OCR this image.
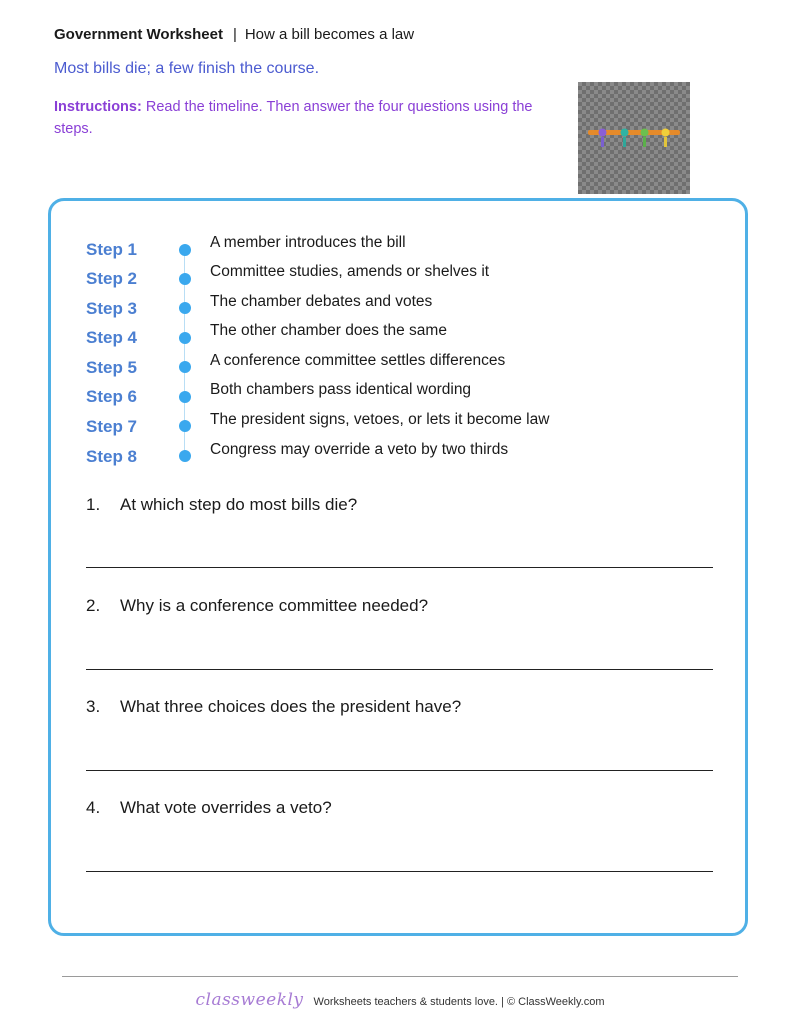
Government Worksheet | How a bill becomes a law
Most bills die; a few finish the course.
Instructions: Read the timeline. Then answer the four questions using the steps.
Step 1	A member introduces the bill
Step 2	Committee studies, amends or shelves it
Step 3	The chamber debates and votes
Step 4	The other chamber does the same
Step 5	A conference committee settles differences
Step 6	Both chambers pass identical wording
Step 7	The president signs, vetoes, or lets it become law
Step 8	Congress may override a veto by two thirds
1. At which step do most bills die?
2. Why is a conference committee needed?
3. What three choices does the president have?
4. What vote overrides a veto?
classweekly Worksheets teachers & students love. | © ClassWeekly.com
